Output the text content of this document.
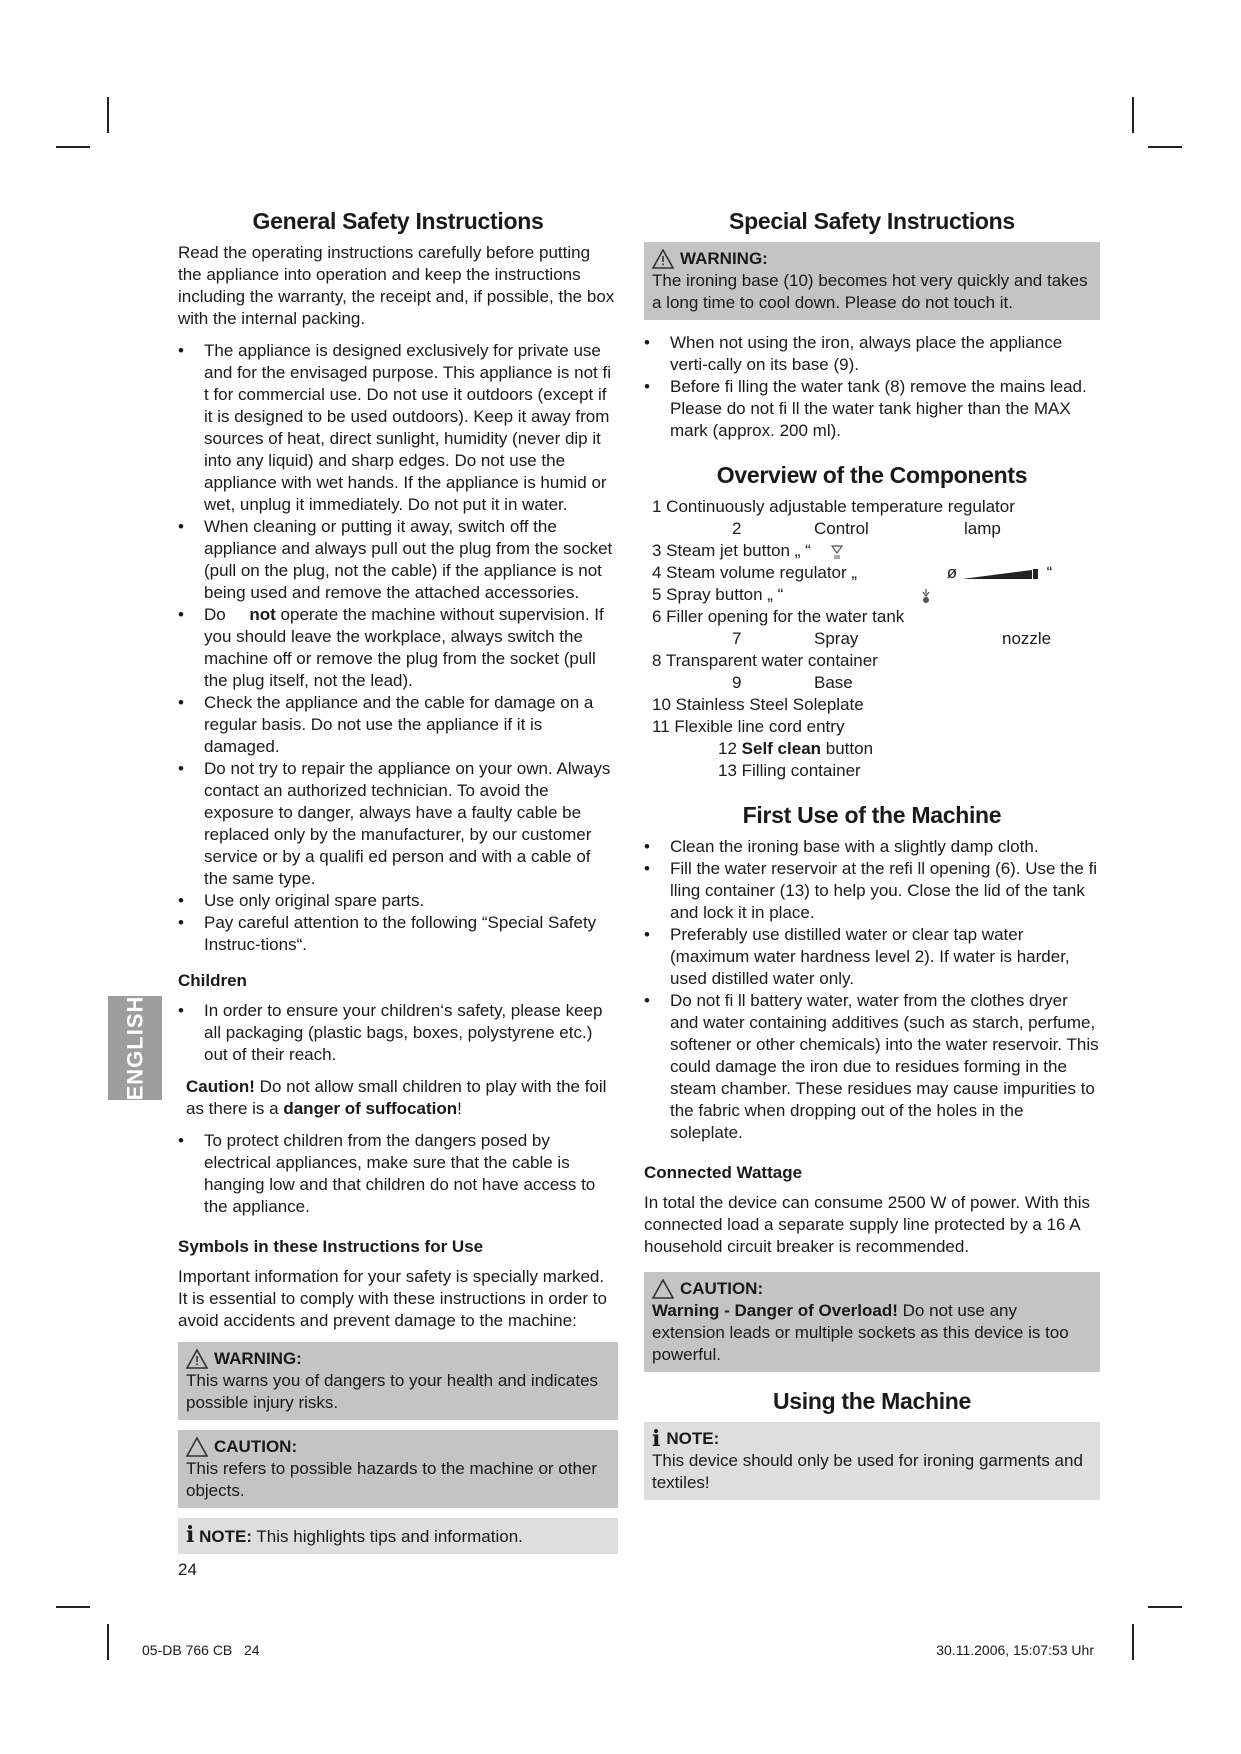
ENGLISH
General Safety Instructions

Read the operating instructions carefully before putting the appliance into operation and keep the instructions including the warranty, the receipt and, if possible, the box with the internal packing.

• The appliance is designed exclusively for private use and for the envisaged purpose. This appliance is not fi t for commercial use. Do not use it outdoors (except if it is designed to be used outdoors). Keep it away from sources of heat, direct sunlight, humidity (never dip it into any liquid) and sharp edges. Do not use the appliance with wet hands. If the appliance is humid or wet, unplug it immediately. Do not put it in water.
• When cleaning or putting it away, switch off the appliance and always pull out the plug from the socket (pull on the plug, not the cable) if the appliance is not being used and remove the attached accessories.
• Do not operate the machine without supervision. If you should leave the workplace, always switch the machine off or remove the plug from the socket (pull the plug itself, not the lead).
• Check the appliance and the cable for damage on a regular basis. Do not use the appliance if it is damaged.
• Do not try to repair the appliance on your own. Always contact an authorized technician. To avoid the exposure to danger, always have a faulty cable be replaced only by the manufacturer, by our customer service or by a qualifi ed person and with a cable of the same type.
• Use only original spare parts.
• Pay careful attention to the following “Special Safety Instruc-tions“.
Children
• In order to ensure your children‘s safety, please keep all packaging (plastic bags, boxes, polystyrene etc.) out of their reach.

Caution! Do not allow small children to play with the foil as there is a danger of suffocation!

• To protect children from the dangers posed by electrical appliances, make sure that the cable is hanging low and that children do not have access to the appliance.
Symbols in these Instructions for Use

Important information for your safety is specially marked. It is essential to comply with these instructions in order to avoid accidents and prevent damage to the machine:

WARNING:
This warns you of dangers to your health and indicates possible injury risks.
CAUTION:
This refers to possible hazards to the machine or other objects.
i NOTE: This highlights tips and information.
Special Safety Instructions
WARNING:
The ironing base (10) becomes hot very quickly and takes a long time to cool down. Please do not touch it.
• When not using the iron, always place the appliance verti-cally on its base (9).
• Before fi lling the water tank (8) remove the mains lead. Please do not fi ll the water tank higher than the MAX mark (approx. 200 ml).
Overview of the Components
1 Continuously adjustable temperature regulator
2	Control	lamp
3 Steam jet button „ “
4 Steam volume regulator „	ø	“
5 Spray button „ “
6 Filler opening for the water tank
7	Spray	nozzle
8 Transparent water container
9	Base
10 Stainless Steel Soleplate
11 Flexible line cord entry
12 Self clean button
13 Filling container
First Use of the Machine
• Clean the ironing base with a slightly damp cloth.
• Fill the water reservoir at the refi ll opening (6). Use the fi lling container (13) to help you. Close the lid of the tank and lock it in place.
• Preferably use distilled water or clear tap water (maximum water hardness level 2). If water is harder, used distilled water only.
• Do not fi ll battery water, water from the clothes dryer and water containing additives (such as starch, perfume, softener or other chemicals) into the water reservoir. This could damage the iron due to residues forming in the steam chamber. These residues may cause impurities to the fabric when dropping out of the holes in the soleplate.
Connected Wattage

In total the device can consume 2500 W of power. With this connected load a separate supply line protected by a 16 A household circuit breaker is recommended.

CAUTION:
Warning - Danger of Overload! Do not use any extension leads or multiple sockets as this device is too powerful.
Using the Machine
i NOTE:
This device should only be used for ironing garments and textiles!
24
05-DB 766 CB   24	30.11.2006, 15:07:53 Uhr
